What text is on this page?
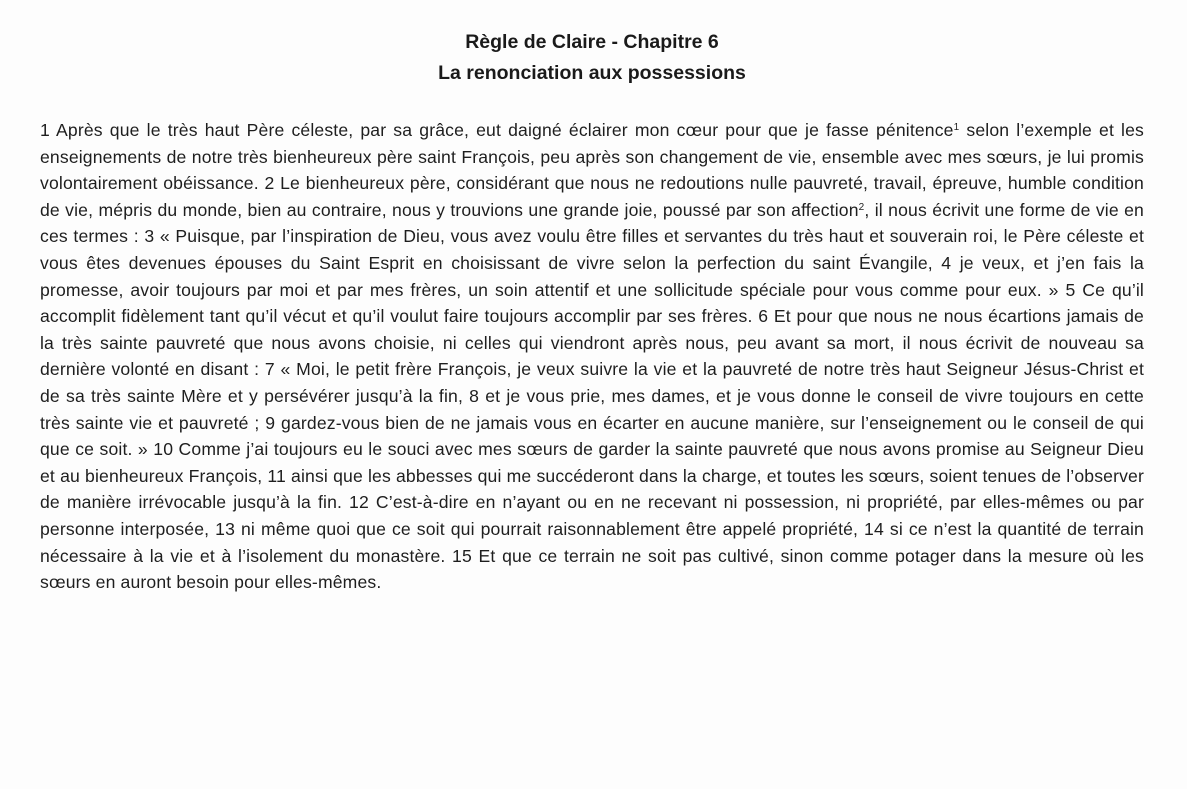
Règle de Claire - Chapitre 6
La renonciation aux possessions

1 Après que le très haut Père céleste, par sa grâce, eut daigné éclairer mon cœur pour que je fasse pénitence$^1$ selon l’exemple et les enseignements de notre très bienheureux père saint François, peu après son changement de vie, ensemble avec mes sœurs, je lui promis volontairement obéissance. 2 Le bienheureux père, considérant que nous ne redoutions nulle pauvreté, travail, épreuve, humble condition de vie, mépris du monde, bien au contraire, nous y trouvions une grande joie, poussé par son affection$^2$, il nous écrivit une forme de vie en ces termes : 3 « Puisque, par l’inspiration de Dieu, vous avez voulu être filles et servantes du très haut et souverain roi, le Père céleste et vous êtes devenues épouses du Saint Esprit en choisissant de vivre selon la perfection du saint Évangile, 4 je veux, et j’en fais la promesse, avoir toujours par moi et par mes frères, un soin attentif et une sollicitude spéciale pour vous comme pour eux. » 5 Ce qu’il accomplit fidèlement tant qu’il vécut et qu’il voulut faire toujours accomplir par ses frères. 6 Et pour que nous ne nous écartions jamais de la très sainte pauvreté que nous avons choisie, ni celles qui viendront après nous, peu avant sa mort, il nous écrivit de nouveau sa dernière volonté en disant : 7 « Moi, le petit frère François, je veux suivre la vie et la pauvreté de notre très haut Seigneur Jésus-Christ et de sa très sainte Mère et y persévérer jusqu’à la fin, 8 et je vous prie, mes dames, et je vous donne le conseil de vivre toujours en cette très sainte vie et pauvreté ; 9 gardez-vous bien de ne jamais vous en écarter en aucune manière, sur l’enseignement ou le conseil de qui que ce soit. » 10 Comme j’ai toujours eu le souci avec mes sœurs de garder la sainte pauvreté que nous avons promise au Seigneur Dieu et au bienheureux François, 11 ainsi que les abbesses qui me succéderont dans la charge, et toutes les sœurs, soient tenues de l’observer de manière irrévocable jusqu’à la fin. 12 C’est-à-dire en n’ayant ou en ne recevant ni possession, ni propriété, par elles-mêmes ou par personne interposée, 13 ni même quoi que ce soit qui pourrait raisonnablement être appelé propriété, 14 si ce n’est la quantité de terrain nécessaire à la vie et à l’isolement du monastère. 15 Et que ce terrain ne soit pas cultivé, sinon comme potager dans la mesure où les sœurs en auront besoin pour elles-mêmes.
